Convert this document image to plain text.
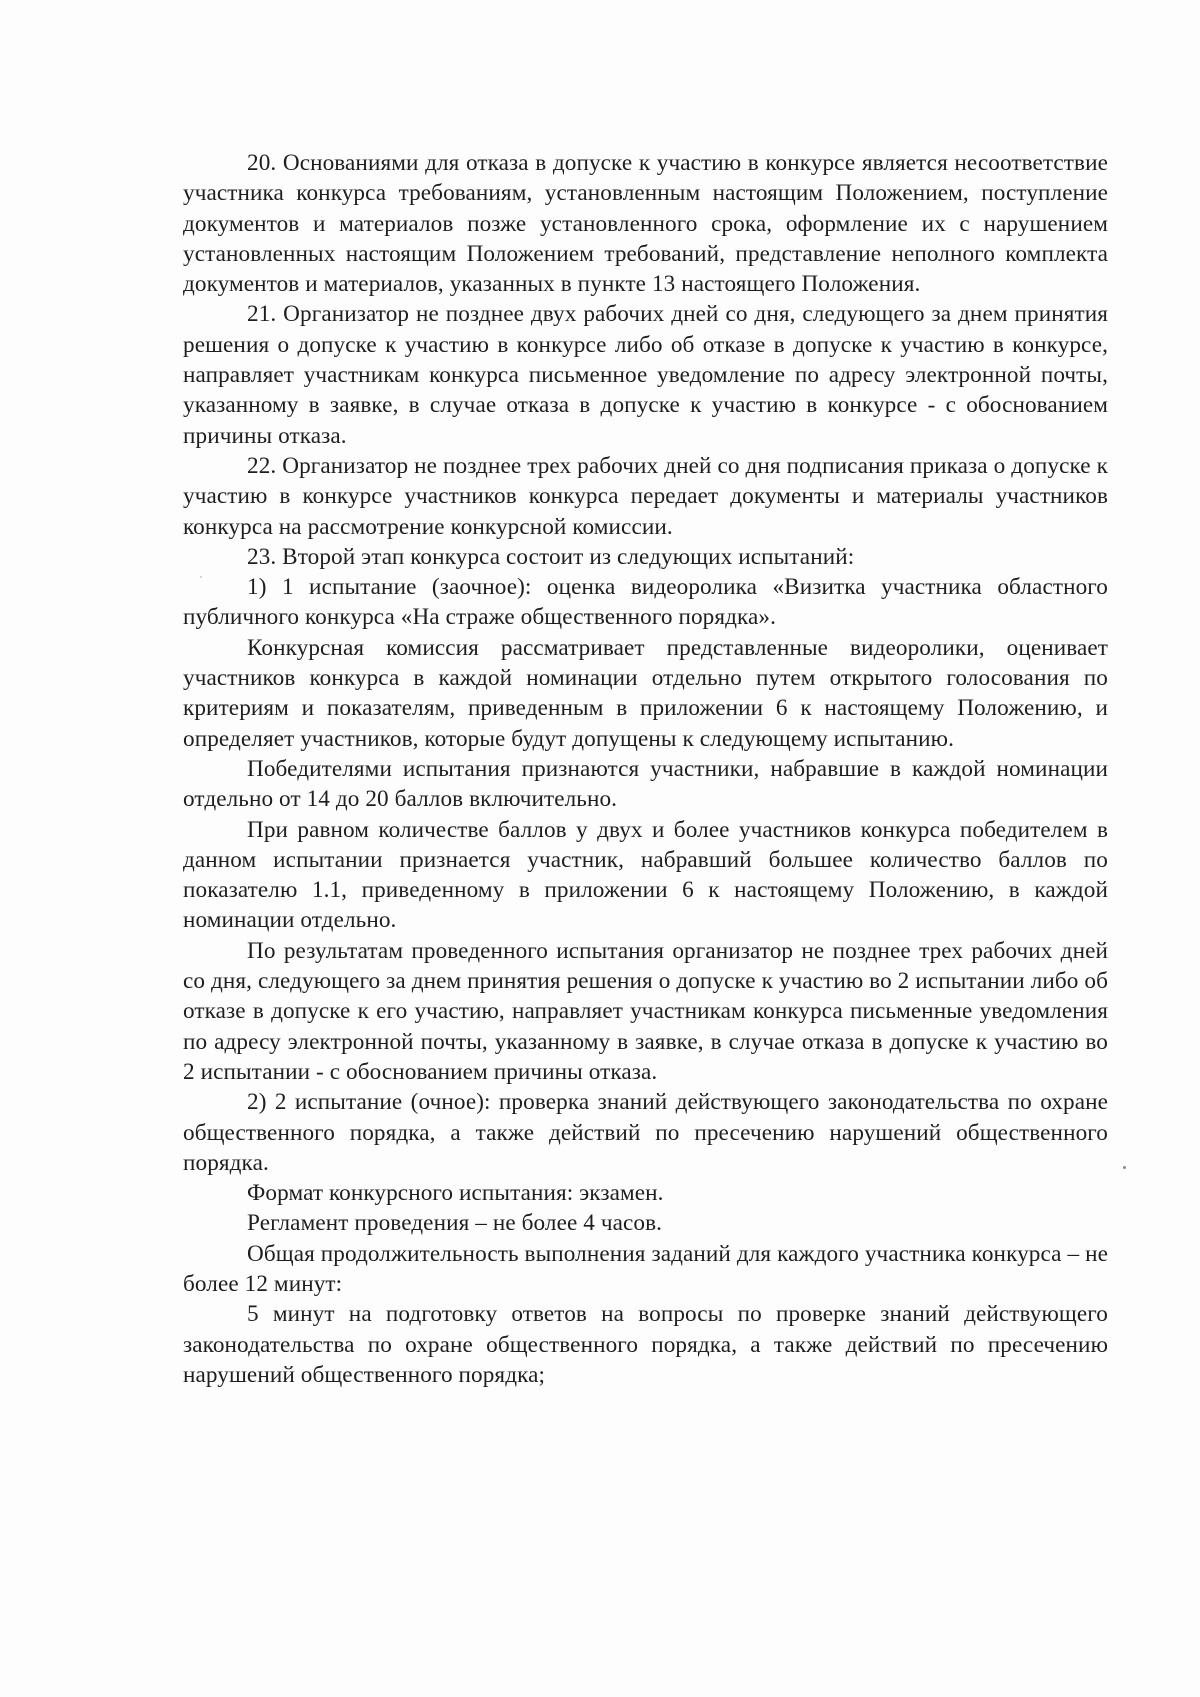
20. Основаниями для отказа в допуске к участию в конкурсе является несоответствие участника конкурса требованиям, установленным настоящим Положением, поступление документов и материалов позже установленного срока, оформление их с нарушением установленных настоящим Положением требований, представление неполного комплекта документов и материалов, указанных в пункте 13 настоящего Положения.

21. Организатор не позднее двух рабочих дней со дня, следующего за днем принятия решения о допуске к участию в конкурсе либо об отказе в допуске к участию в конкурсе, направляет участникам конкурса письменное уведомление по адресу электронной почты, указанному в заявке, в случае отказа в допуске к участию в конкурсе - с обоснованием причины отказа.

22. Организатор не позднее трех рабочих дней со дня подписания приказа о допуске к участию в конкурсе участников конкурса передает документы и материалы участников конкурса на рассмотрение конкурсной комиссии.

23. Второй этап конкурса состоит из следующих испытаний:

1) 1 испытание (заочное): оценка видеоролика «Визитка участника областного публичного конкурса «На страже общественного порядка».

Конкурсная комиссия рассматривает представленные видеоролики, оценивает участников конкурса в каждой номинации отдельно путем открытого голосования по критериям и показателям, приведенным в приложении 6 к настоящему Положению, и определяет участников, которые будут допущены к следующему испытанию.

Победителями испытания признаются участники, набравшие в каждой номинации отдельно от 14 до 20 баллов включительно.

При равном количестве баллов у двух и более участников конкурса победителем в данном испытании признается участник, набравший большее количество баллов по показателю 1.1, приведенному в приложении 6 к настоящему Положению, в каждой номинации отдельно.

По результатам проведенного испытания организатор не позднее трех рабочих дней со дня, следующего за днем принятия решения о допуске к участию во 2 испытании либо об отказе в допуске к его участию, направляет участникам конкурса письменные уведомления по адресу электронной почты, указанному в заявке, в случае отказа в допуске к участию во 2 испытании - с обоснованием причины отказа.

2) 2 испытание (очное): проверка знаний действующего законодательства по охране общественного порядка, а также действий по пресечению нарушений общественного порядка.

Формат конкурсного испытания: экзамен.

Регламент проведения – не более 4 часов.

Общая продолжительность выполнения заданий для каждого участника конкурса – не более 12 минут:

5 минут на подготовку ответов на вопросы по проверке знаний действующего законодательства по охране общественного порядка, а также действий по пресечению нарушений общественного порядка;
